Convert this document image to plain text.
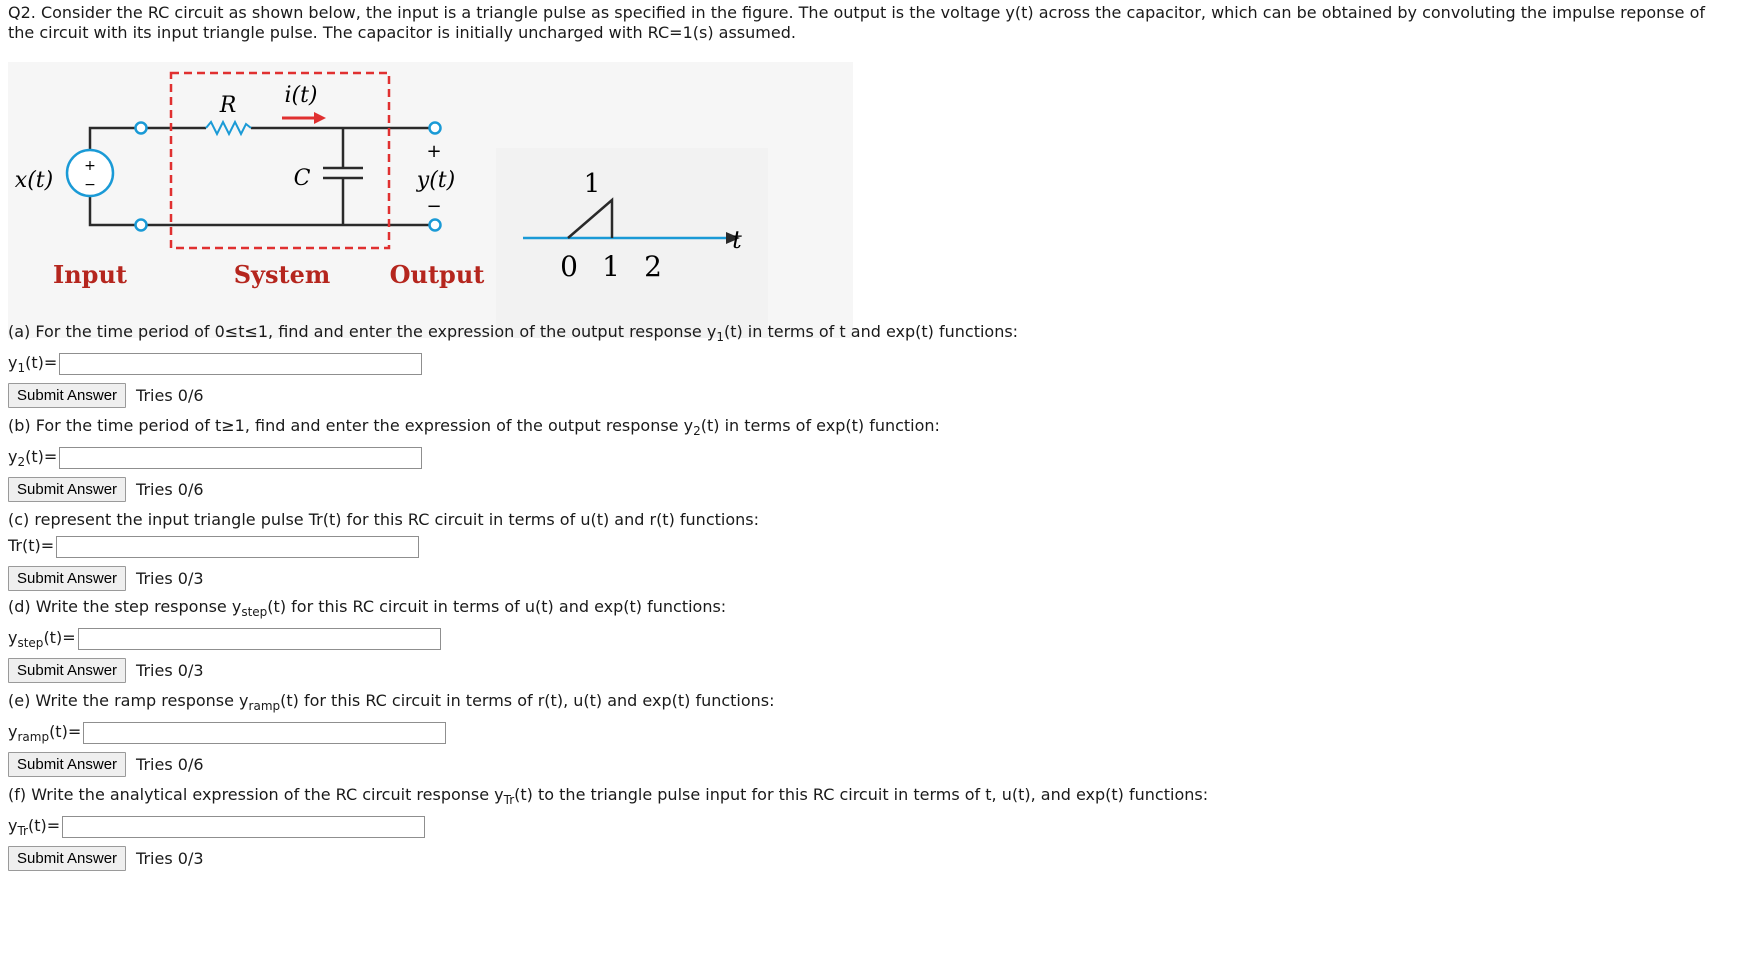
Q2. Consider the RC circuit as shown below, the input is a triangle pulse as specified in the figure. The output is the voltage y(t) across the capacitor, which can be obtained by convoluting the impulse reponse of the circuit with its input triangle pulse. The capacitor is initially uncharged with RC=1(s) assumed.
+
−
x(t)
R i(t)
C
+
y(t)
−
Input	System Output
1
t
0 1 2
(a) For the time period of 0≤t≤1, find and enter the expression of the output response $y_1(t)$ in terms of t and exp(t) functions:
$y_1(t)=$
Submit Answer	Tries 0/6
(b) For the time period of t≥1, find and enter the expression of the output response $y_2(t)$ in terms of exp(t) function:
$y_2(t)=$
Submit Answer	Tries 0/6
(c) represent the input triangle pulse Tr(t) for this RC circuit in terms of u(t) and r(t) functions:
Tr(t)=
Submit Answer	Tries 0/3
(d) Write the step response $y_{step}(t)$ for this RC circuit in terms of u(t) and exp(t) functions:
$y_{step}(t)=$
Submit Answer	Tries 0/3
(e) Write the ramp response $y_{ramp}(t)$ for this RC circuit in terms of r(t), u(t) and exp(t) functions:
$y_{ramp}(t)=$
Submit Answer	Tries 0/6
(f) Write the analytical expression of the RC circuit response $y_{Tr}(t)$ to the triangle pulse input for this RC circuit in terms of t, u(t), and exp(t) functions:
$y_{Tr}(t)=$
Submit Answer	Tries 0/3
